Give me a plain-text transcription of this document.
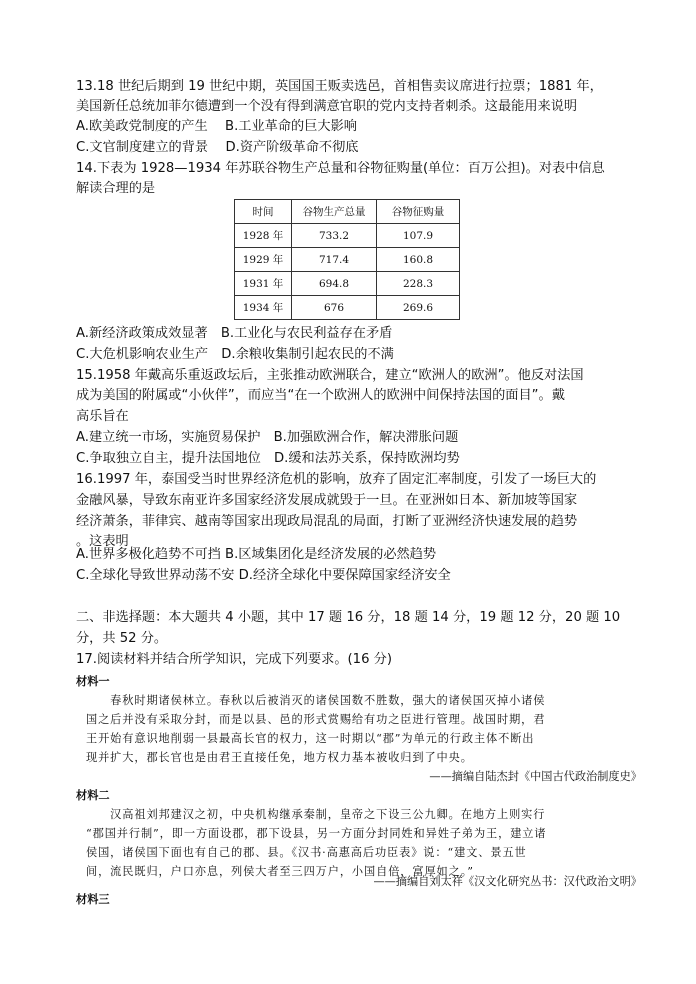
13.18 世纪后期到 19 世纪中期，英国国王贩卖选邑，首相售卖议席进行拉票；1881 年，
美国新任总统加菲尔德遭到一个没有得到满意官职的党内支持者刺杀。这最能用来说明
A.欧美政党制度的产生　 B.工业革命的巨大影响
C.文官制度建立的背景　 D.资产阶级革命不彻底
14.下表为 1928—1934 年苏联谷物生产总量和谷物征购量(单位：百万公担)。对表中信息
解读合理的是
时间	谷物生产总量	谷物征购量
1928 年	733.2	107.9
1929 年	717.4	160.8
1931 年	694.8	228.3
1934 年	676	269.6
A.新经济政策成效显著　B.工业化与农民利益存在矛盾
C.大危机影响农业生产　D.余粮收集制引起农民的不满
15.1958 年戴高乐重返政坛后，主张推动欧洲联合，建立“欧洲人的欧洲”。他反对法国
成为美国的附属或“小伙伴”，而应当“在一个欧洲人的欧洲中间保持法国的面目”。戴
高乐旨在
A.建立统一市场，实施贸易保护　B.加强欧洲合作，解决滞胀问题
C.争取独立自主，提升法国地位　D.缓和法苏关系，保持欧洲均势
16.1997 年，泰国受当时世界经济危机的影响，放弃了固定汇率制度，引发了一场巨大的
金融风暴，导致东南亚许多国家经济发展成就毁于一旦。在亚洲如日本、新加坡等国家
经济萧条，菲律宾、越南等国家出现政局混乱的局面，打断了亚洲经济快速发展的趋势
。这表明
A.世界多极化趋势不可挡 B.区域集团化是经济发展的必然趋势
C.全球化导致世界动荡不安 D.经济全球化中要保障国家经济安全
二、非选择题：本大题共 4 小题，其中 17 题 16 分，18 题 14 分，19 题 12 分，20 题 10
分，共 52 分。
17.阅读材料并结合所学知识，完成下列要求。(16 分)
材料一
　　春秋时期诸侯林立。春秋以后被消灭的诸侯国数不胜数，强大的诸侯国灭掉小诸侯
国之后并没有采取分封，而是以县、邑的形式赏赐给有功之臣进行管理。战国时期，君
王开始有意识地削弱一县最高长官的权力，这一时期以“郡”为单元的行政主体不断出
现并扩大，郡长官也是由君王直接任免，地方权力基本被收归到了中央。
——摘编自陆杰封《中国古代政治制度史》
材料二
　　汉高祖刘邦建汉之初，中央机构继承秦制，皇帝之下设三公九卿。在地方上则实行
“郡国并行制”，即一方面设郡，郡下设县，另一方面分封同姓和异姓子弟为王，建立诸
侯国，诸侯国下面也有自己的郡、县。《汉书·高惠高后功臣表》说：“建文、景五世
间，流民既归，户口亦息，列侯大者至三四万户，小国自倍，富厚如之。”
——摘编自刘太祥《汉文化研究丛书：汉代政治文明》
材料三
